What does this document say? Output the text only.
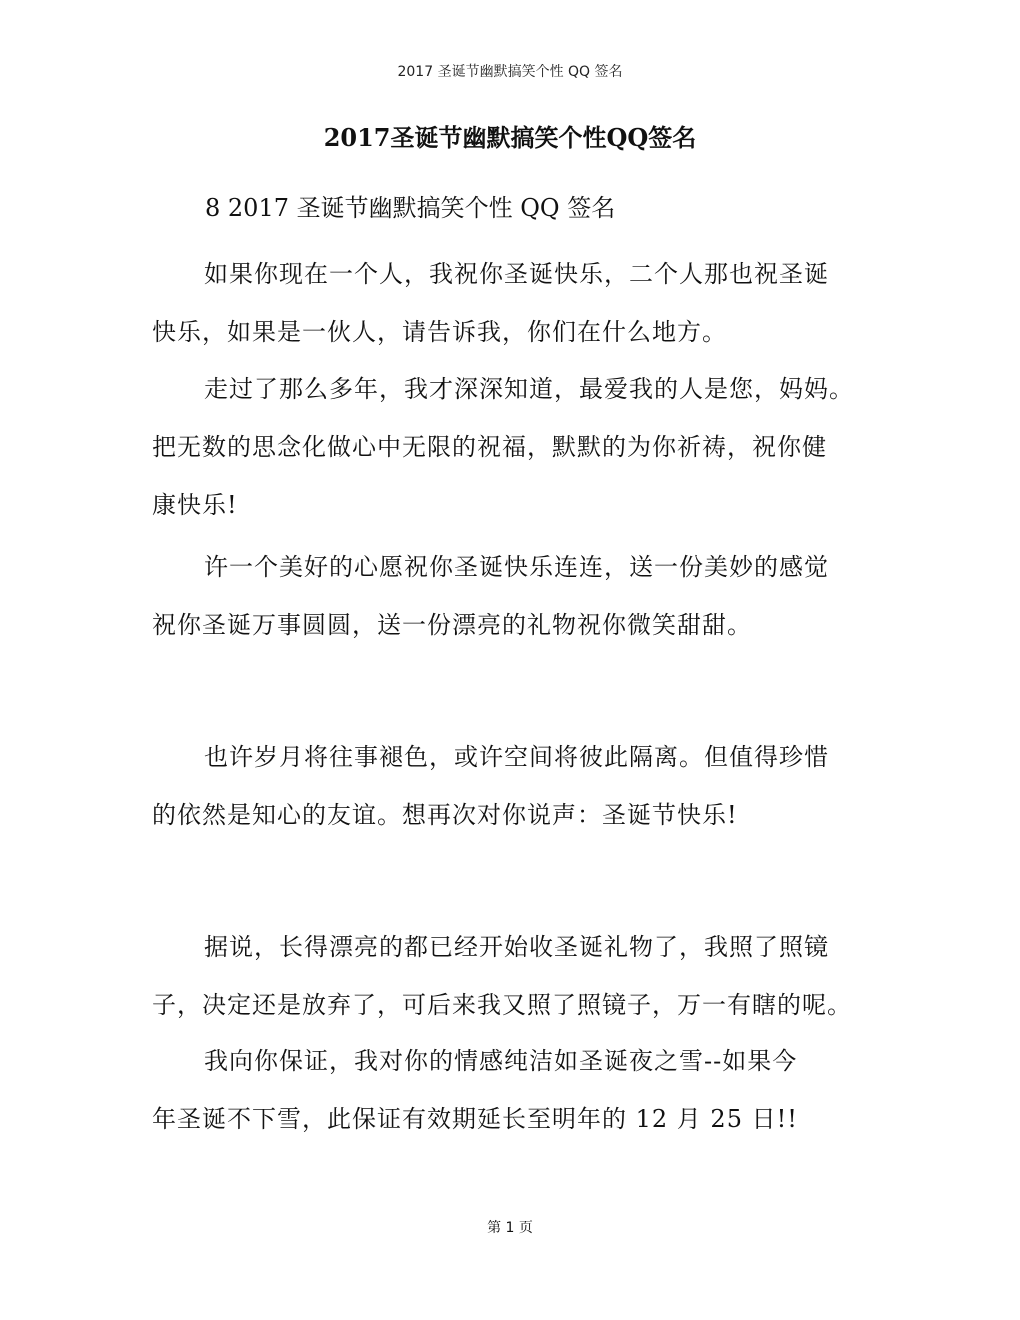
2017 圣诞节幽默搞笑个性 QQ 签名
2017圣诞节幽默搞笑个性QQ签名

8 2017 圣诞节幽默搞笑个性 QQ 签名

如果你现在一个人，我祝你圣诞快乐，二个人那也祝圣诞
快乐，如果是一伙人，请告诉我，你们在什么地方。

走过了那么多年，我才深深知道，最爱我的人是您，妈妈。
把无数的思念化做心中无限的祝福，默默的为你祈祷，祝你健
康快乐!

许一个美好的心愿祝你圣诞快乐连连，送一份美妙的感觉
祝你圣诞万事圆圆，送一份漂亮的礼物祝你微笑甜甜。

也许岁月将往事褪色，或许空间将彼此隔离。但值得珍惜
的依然是知心的友谊。想再次对你说声：圣诞节快乐!

据说，长得漂亮的都已经开始收圣诞礼物了，我照了照镜
子，决定还是放弃了，可后来我又照了照镜子，万一有瞎的呢。

我向你保证，我对你的情感纯洁如圣诞夜之雪--如果今
年圣诞不下雪，此保证有效期延长至明年的 12 月 25 日!!

第 1 页
